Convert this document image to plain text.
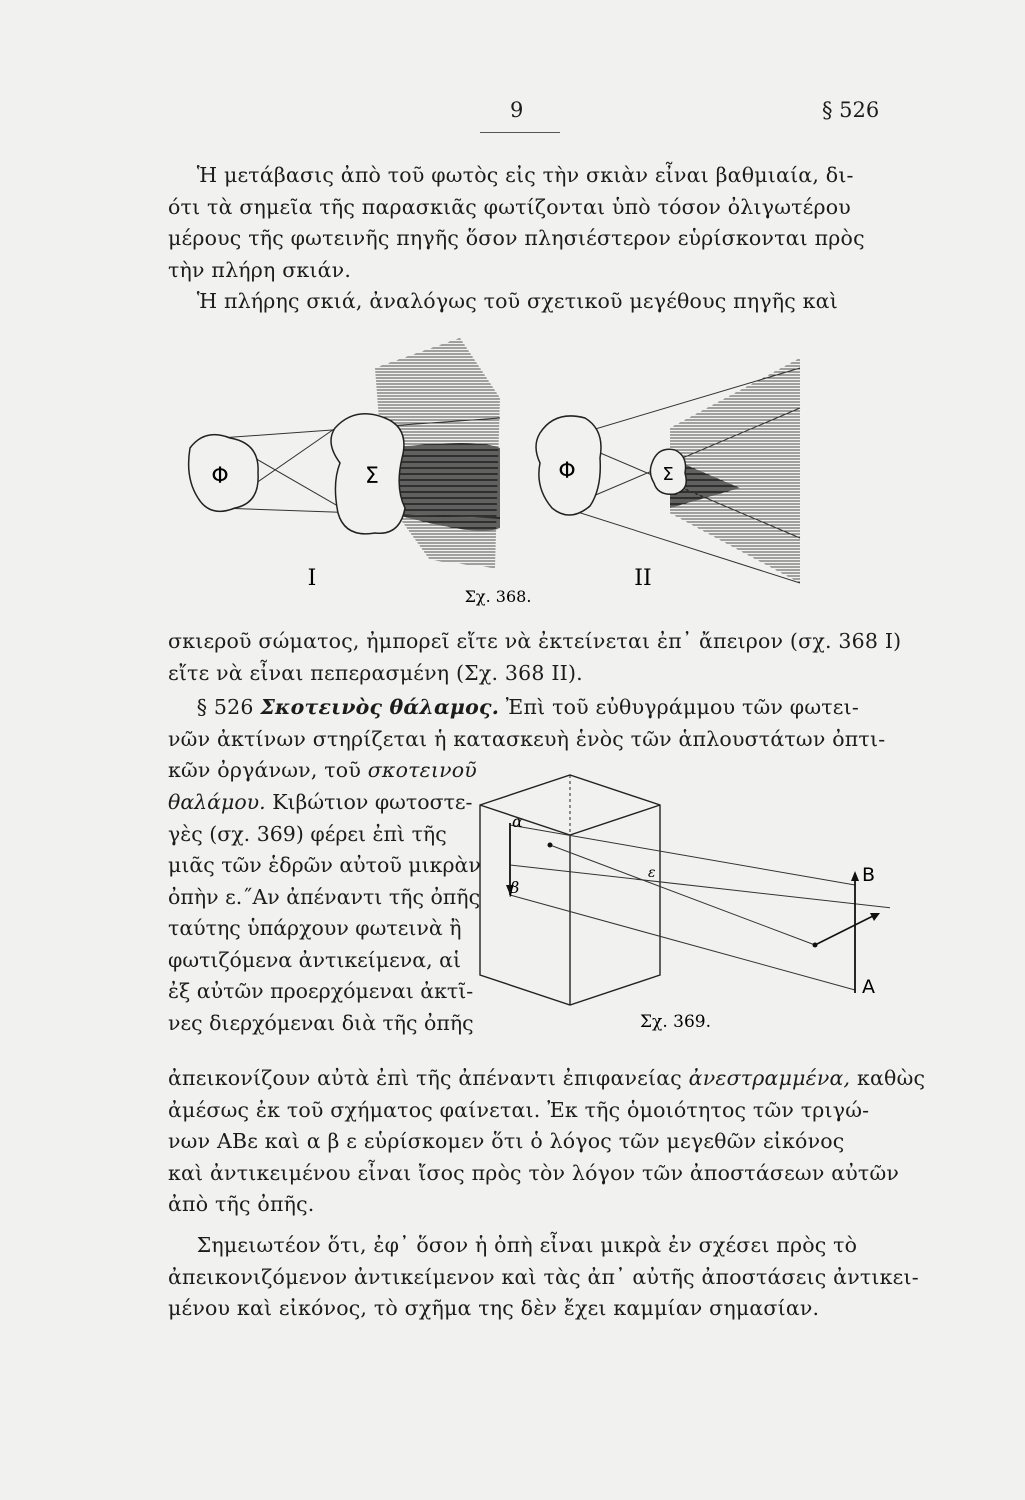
9	§ 526
Ἡ μετάβασις ἀπὸ τοῦ φωτὸς εἰς τὴν σκιὰν εἶναι βαθμιαία, δι-
ότι τὰ σημεῖα τῆς παρασκιᾶς φωτίζονται ὑπὸ τόσον ὀλιγωτέρου
μέρους τῆς φωτεινῆς πηγῆς ὅσον πλησιέστερον εὑρίσκονται πρὸς
τὴν πλήρη σκιάν.
Ἡ πλήρης σκιά, ἀναλόγως τοῦ σχετικοῦ μεγέθους πηγῆς καὶ
Φ	Σ
I
Φ	Σ
II
Σχ. 368.
σκιεροῦ σώματος, ἠμπορεῖ εἴτε νὰ ἐκτείνεται ἐπ᾽ ἄπειρον (σχ. 368 I)
εἴτε νὰ εἶναι πεπερασμένη (Σχ. 368 II).
§ 526 Σκοτεινὸς θάλαμος. Ἐπὶ τοῦ εὐθυγράμμου τῶν φωτει-
νῶν ἀκτίνων στηρίζεται ἡ κατασκευὴ ἑνὸς τῶν ἁπλουστάτων ὀπτι-
κῶν ὀργάνων, τοῦ σκοτεινοῦ
θαλάμου. Κιβώτιον φωτοστε-
γὲς (σχ. 369) φέρει ἐπὶ τῆς
μιᾶς τῶν ἑδρῶν αὐτοῦ μικρὰν
ὀπὴν ε.˝Αν ἀπέναντι τῆς ὀπῆς
ταύτης ὑπάρχουν φωτεινὰ ἢ
φωτιζόμενα ἀντικείμενα, αἱ
ἐξ αὐτῶν προερχόμεναι ἀκτῖ-
νες διερχόμεναι διὰ τῆς ὀπῆς
α
β
ε	B
A
Σχ. 369.
ἀπεικονίζουν αὐτὰ ἐπὶ τῆς ἀπέναντι ἐπιφανείας ἀνεστραμμένα, καθὼς
ἀμέσως ἐκ τοῦ σχήματος φαίνεται. Ἐκ τῆς ὁμοιότητος τῶν τριγώ-
νων ΑΒε καὶ α β ε εὑρίσκομεν ὅτι ὁ λόγος τῶν μεγεθῶν εἰκόνος
καὶ ἀντικειμένου εἶναι ἴσος πρὸς τὸν λόγον τῶν ἀποστάσεων αὐτῶν
ἀπὸ τῆς ὀπῆς.
Σημειωτέον ὅτι, ἐφ᾽ ὅσον ἡ ὀπὴ εἶναι μικρὰ ἐν σχέσει πρὸς τὸ
ἀπεικονιζόμενον ἀντικείμενον καὶ τὰς ἀπ᾽ αὐτῆς ἀποστάσεις ἀντικει-
μένου καὶ εἰκόνος, τὸ σχῆμα της δὲν ἔχει καμμίαν σημασίαν.
